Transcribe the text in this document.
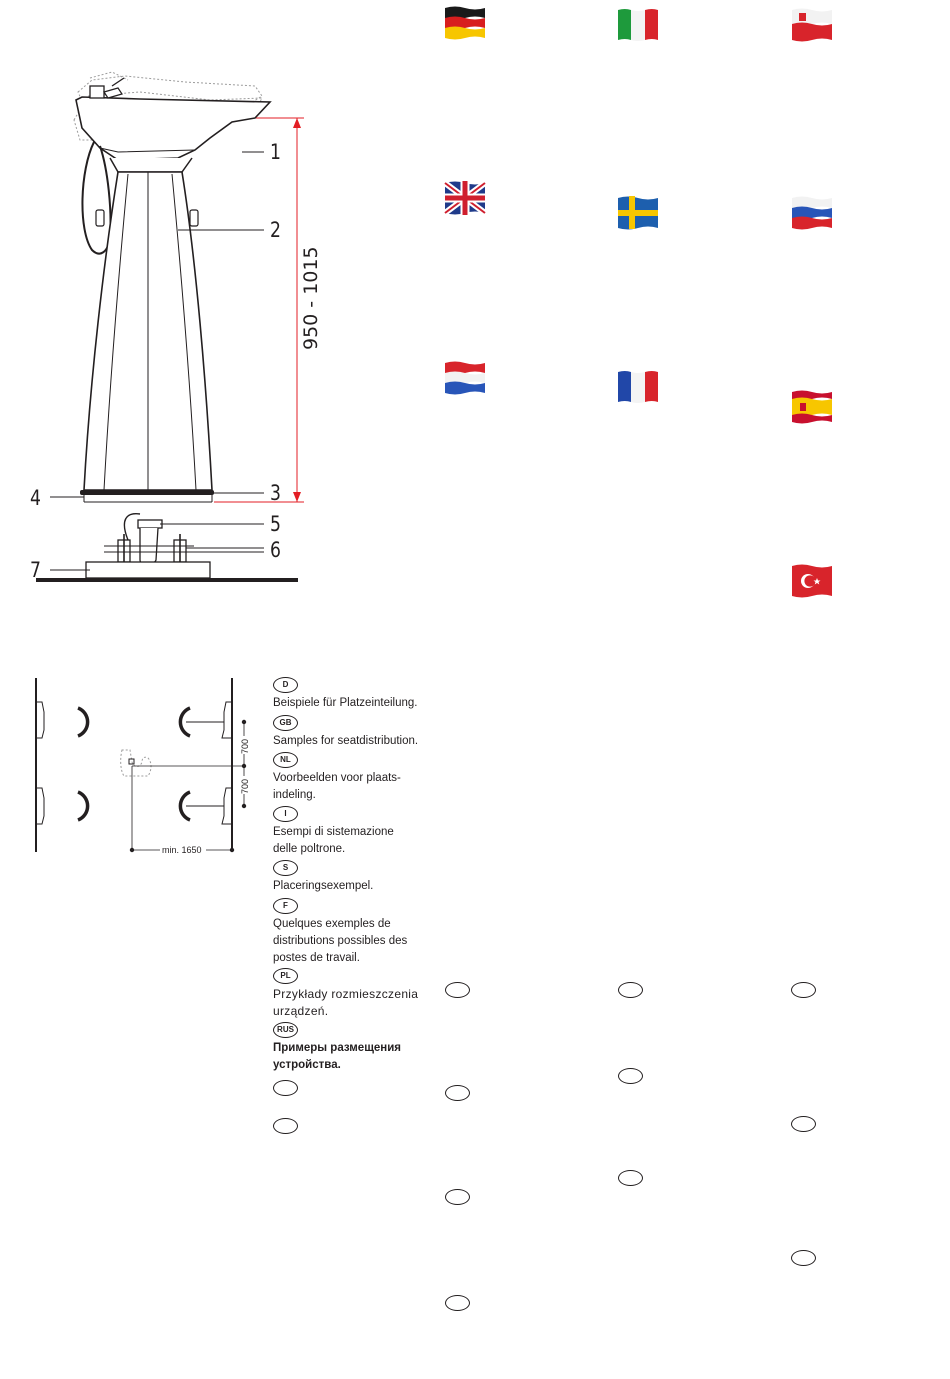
1
2
3
4
5
6
7
950 - 1015
700
700
min. 1650
D
Beispiele für Platzeinteilung.
GB
Samples for seatdistribution.
NL
Voorbeelden voor plaats-
indeling.
I
Esempi di sistemazione
delle poltrone.
S
Placeringsexempel.
F
Quelques exemples de
distributions possibles des
postes de travail.
PL
Przykłady rozmieszczenia
urządzeń.
RUS
Примеры размещения
устройства.
